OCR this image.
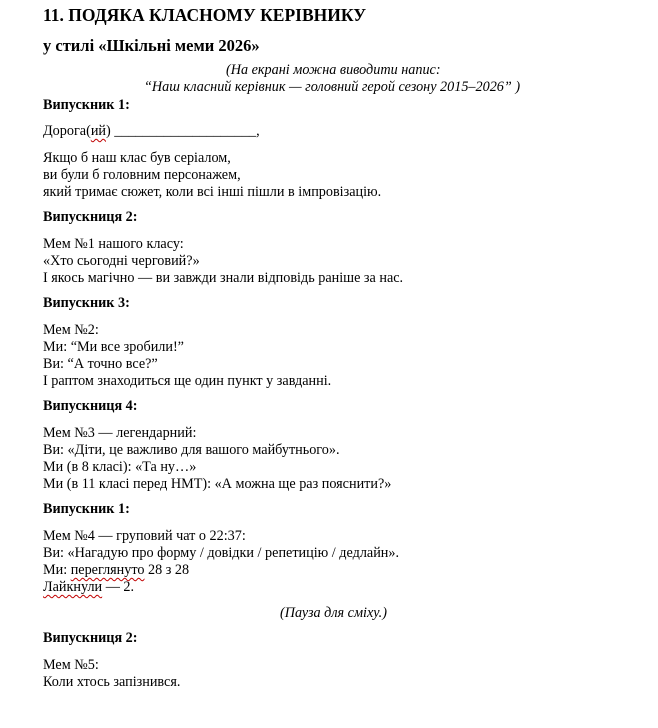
11. ПОДЯКА КЛАСНОМУ КЕРІВНИКУ
у стилі «Шкільні меми 2026»
(На екрані можна виводити напис:
“Наш класний керівник — головний герой сезону 2015–2026” )
Випускник 1:
Дорога(ий) ____________________,
Якщо б наш клас був серіалом,
ви були б головним персонажем,
який тримає сюжет, коли всі інші пішли в імпровізацію.
Випускниця 2:
Мем №1 нашого класу:
«Хто сьогодні черговий?»
І якось магічно — ви завжди знали відповідь раніше за нас.
Випускник 3:
Мем №2:
Ми: “Ми все зробили!”
Ви: “А точно все?”
І раптом знаходиться ще один пункт у завданні.
Випускниця 4:
Мем №3 — легендарний:
Ви: «Діти, це важливо для вашого майбутнього».
Ми (в 8 класі): «Та ну…»
Ми (в 11 класі перед НМТ): «А можна ще раз пояснити?»
Випускник 1:
Мем №4 — груповий чат о 22:37:
Ви: «Нагадую про форму / довідки / репетицію / дедлайн».
Ми: переглянуто 28 з 28
Лайкнули — 2.
(Пауза для сміху.)
Випускниця 2:
Мем №5:
Коли хтось запізнився.
